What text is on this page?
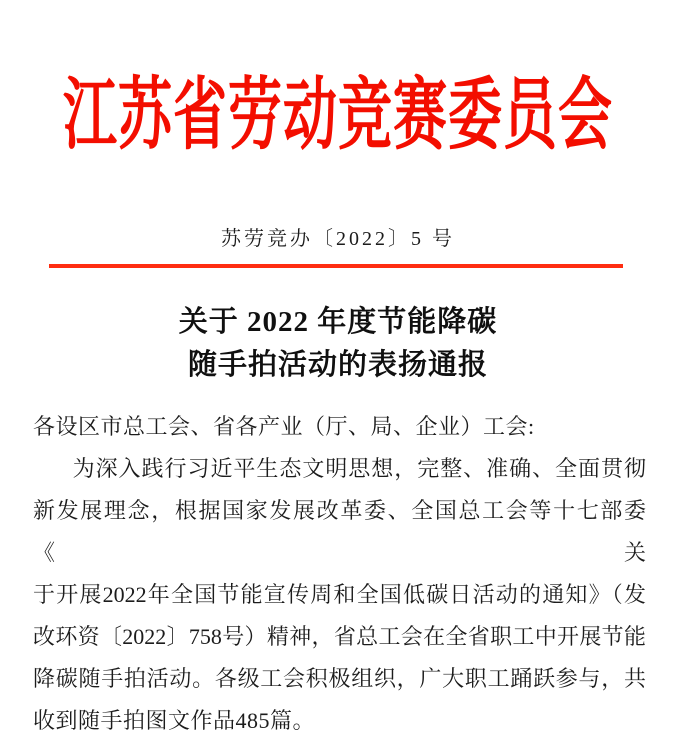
江苏省劳动竞赛委员会
苏劳竞办〔2022〕5 号
关于 2022 年度节能降碳
随手拍活动的表扬通报
各设区市总工会、省各产业（厅、局、企业）工会:
为深入践行习近平生态文明思想，完整、准确、全面贯彻
新发展理念，根据国家发展改革委、全国总工会等十七部委《关
于开展2022年全国节能宣传周和全国低碳日活动的通知》（发
改环资〔2022〕758号）精神，省总工会在全省职工中开展节能
降碳随手拍活动。各级工会积极组织，广大职工踊跃参与，共
收到随手拍图文作品485篇。
